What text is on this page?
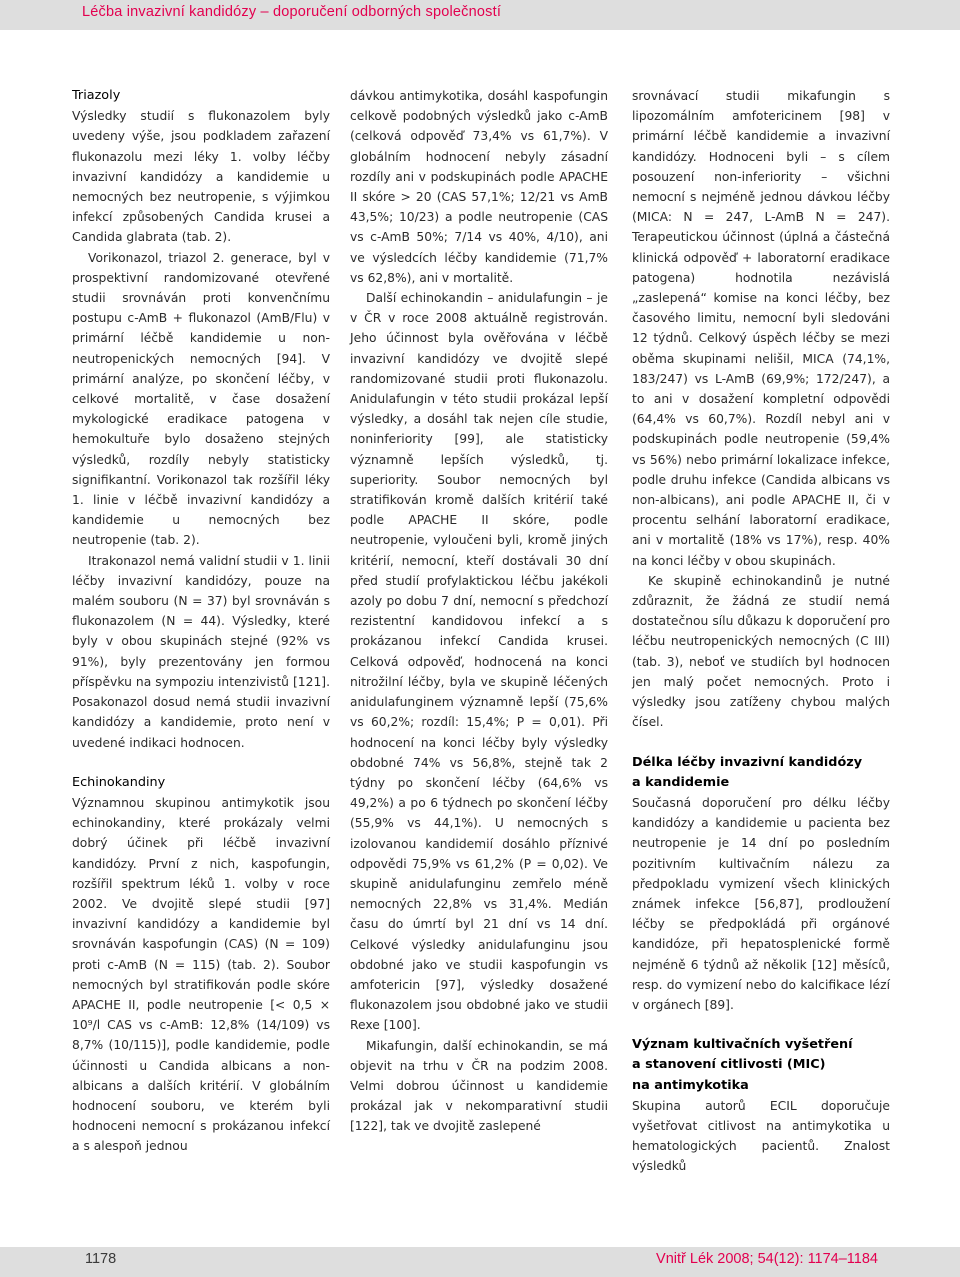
Léčba invazivní kandidózy – doporučení odborných společností
Triazoly

Výsledky studií s flukonazolem byly uvedeny výše, jsou podkladem zařazení flukonazolu mezi léky 1. volby léčby invazivní kandidózy a kandidemie u nemocných bez neutropenie, s výjimkou infekcí způsobených Candida krusei a Candida glabrata (tab. 2).

Vorikonazol, triazol 2. generace, byl v prospektivní randomizované otevřené studii srovnáván proti konvenčnímu postupu c-AmB + flukonazol (AmB/Flu) v primární léčbě kandidemie u non-neutropenických nemocných [94]. V primární analýze, po skončení léčby, v celkové mortalitě, v čase dosažení mykologické eradikace patogena v hemokultuře bylo dosaženo stejných výsledků, rozdíly nebyly statisticky signifikantní. Vorikonazol tak rozšířil léky 1. linie v léčbě invazivní kandidózy a kandidemie u nemocných bez neutropenie (tab. 2).

Itrakonazol nemá validní studii v 1. linii léčby invazivní kandidózy, pouze na malém souboru (N = 37) byl srovnáván s flukonazolem (N = 44). Výsledky, které byly v obou skupinách stejné (92% vs 91%), byly prezentovány jen formou příspěvku na sympoziu intenzivistů [121]. Posakonazol dosud nemá studii invazivní kandidózy a kandidemie, proto není v uvedené indikaci hodnocen.

Echinokandiny

Významnou skupinou antimykotik jsou echinokandiny, které prokázaly velmi dobrý účinek při léčbě invazivní kandidózy. První z nich, kaspofungin, rozšířil spektrum léků 1. volby v roce 2002. Ve dvojitě slepé studii [97] invazivní kandidózy a kandidemie byl srovnáván kaspofungin (CAS) (N = 109) proti c-AmB (N = 115) (tab. 2). Soubor nemocných byl stratifikován podle skóre APACHE II, podle neutropenie [< 0,5 × 10⁹/l CAS vs c-AmB: 12,8% (14/109) vs 8,7% (10/115)], podle kandidemie, podle účinnosti u Candida albicans a non-albicans a dalších kritérií. V globálním hodnocení souboru, ve kterém byli hodnoceni nemocní s prokázanou infekcí a s alespoň jednou

dávkou antimykotika, dosáhl kaspofungin celkově podobných výsledků jako c-AmB (celková odpověď 73,4% vs 61,7%). V globálním hodnocení nebyly zásadní rozdíly ani v podskupinách podle APACHE II skóre > 20 (CAS 57,1%; 12/21 vs AmB 43,5%; 10/23) a podle neutropenie (CAS vs c-AmB 50%; 7/14 vs 40%, 4/10), ani ve výsledcích léčby kandidemie (71,7% vs 62,8%), ani v mortalitě.

Další echinokandin – anidulafungin – je v ČR v roce 2008 aktuálně registrován. Jeho účinnost byla ověřována v léčbě invazivní kandidózy ve dvojitě slepé randomizované studii proti flukonazolu. Anidulafungin v této studii prokázal lepší výsledky, a dosáhl tak nejen cíle studie, noninferiority [99], ale statisticky významně lepších výsledků, tj. superiority. Soubor nemocných byl stratifikován kromě dalších kritérií také podle APACHE II skóre, podle neutropenie, vyloučeni byli, kromě jiných kritérií, nemocní, kteří dostávali 30 dní před studií profylaktickou léčbu jakékoli azoly po dobu 7 dní, nemocní s předchozí rezistentní kandidovou infekcí a s prokázanou infekcí Candida krusei. Celková odpověď, hodnocená na konci nitrožilní léčby, byla ve skupině léčených anidulafunginem významně lepší (75,6% vs 60,2%; rozdíl: 15,4%; P = 0,01). Při hodnocení na konci léčby byly výsledky obdobné 74% vs 56,8%, stejně tak 2 týdny po skončení léčby (64,6% vs 49,2%) a po 6 týdnech po skončení léčby (55,9% vs 44,1%). U nemocných s izolovanou kandidemií dosáhlo příznivé odpovědi 75,9% vs 61,2% (P = 0,02). Ve skupině anidulafunginu zemřelo méně nemocných 22,8% vs 31,4%. Medián času do úmrtí byl 21 dní vs 14 dní. Celkové výsledky anidulafunginu jsou obdobné jako ve studii kaspofungin vs amfotericin [97], výsledky dosažené flukonazolem jsou obdobné jako ve studii Rexe [100].

Mikafungin, další echinokandin, se má objevit na trhu v ČR na podzim 2008. Velmi dobrou účinnost u kandidemie prokázal jak v nekomparativní studii [122], tak ve dvojitě zaslepené

srovnávací studii mikafungin s lipozomálním amfotericinem [98] v primární léčbě kandidemie a invazivní kandidózy. Hodnoceni byli – s cílem posouzení non-inferiority – všichni nemocní s nejméně jednou dávkou léčby (MICA: N = 247, L-AmB N = 247). Terapeutickou účinnost (úplná a částečná klinická odpověď + laboratorní eradikace patogena) hodnotila nezávislá „zaslepená“ komise na konci léčby, bez časového limitu, nemocní byli sledováni 12 týdnů. Celkový úspěch léčby se mezi oběma skupinami nelišil, MICA (74,1%, 183/247) vs L-AmB (69,9%; 172/247), a to ani v dosažení kompletní odpovědi (64,4% vs 60,7%). Rozdíl nebyl ani v podskupinách podle neutropenie (59,4% vs 56%) nebo primární lokalizace infekce, podle druhu infekce (Candida albicans vs non-albicans), ani podle APACHE II, či v procentu selhání laboratorní eradikace, ani v mortalitě (18% vs 17%), resp. 40% na konci léčby v obou skupinách.

Ke skupině echinokandinů je nutné zdůraznit, že žádná ze studií nemá dostatečnou sílu důkazu k doporučení pro léčbu neutropenických nemocných (C III) (tab. 3), neboť ve studiích byl hodnocen jen malý počet nemocných. Proto i výsledky jsou zatíženy chybou malých čísel.

Délka léčby invazivní kandidózy
a kandidemie

Současná doporučení pro délku léčby kandidózy a kandidemie u pacienta bez neutropenie je 14 dní po posledním pozitivním kultivačním nálezu za předpokladu vymizení všech klinických známek infekce [56,87], prodloužení léčby se předpokládá při orgánové kandidóze, při hepatosplenické formě nejméně 6 týdnů až několik [12] měsíců, resp. do vymizení nebo do kalcifikace lézí v orgánech [89].

Význam kultivačních vyšetření
a stanovení citlivosti (MIC)
na antimykotika

Skupina autorů ECIL doporučuje vyšetřovat citlivost na antimykotika u hematologických pacientů. Znalost výsledků

1178	Vnitř Lék 2008; 54(12): 1174–1184
